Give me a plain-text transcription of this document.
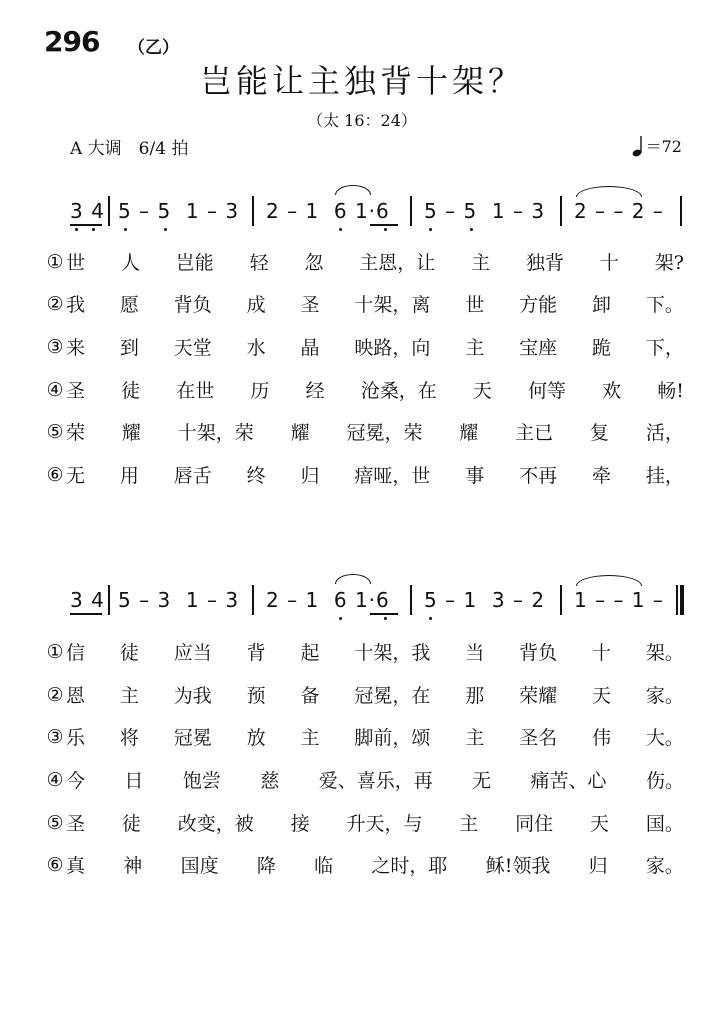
296 （乙）
岂能让主独背十架？
（太 16：24）
A 大调　6/4 拍	＝72
3 4 5 – 5  1 – 3 2 – 1  6 1·6 5 – 5  1 – 3 2 – – 2 –
① 世 人 岂能 轻 忽 主恩，让 主 独背 十 架?
② 我 愿 背负 成 圣 十架，离 世 方能 卸 下。
③ 来 到 天堂 水 晶 映路，向 主 宝座 跪 下，
④ 圣 徒 在世 历 经 沧桑，在 天 何等 欢 畅!
⑤ 荣 耀 十架，荣 耀 冠冕，荣 耀 主已 复 活，
⑥ 无 用 唇舌 终 归 瘖哑，世 事 不再 牵 挂，
3 4 5 – 3  1 – 3 2 – 1  6 1·6 5 – 1  3 – 2 1 – – 1 –
① 信 徒 应当 背 起 十架，我 当 背负 十 架。
② 恩 主 为我 预 备 冠冕，在 那 荣耀 天 家。
③ 乐 将 冠冕 放 主 脚前，颂 主 圣名 伟 大。
④ 今 日 饱尝 慈 爱、喜乐，再 无 痛苦、心 伤。
⑤ 圣 徒 改变，被 接 升天，与 主 同住 天 国。
⑥ 真 神 国度 降 临 之时，耶 稣!领我 归 家。
